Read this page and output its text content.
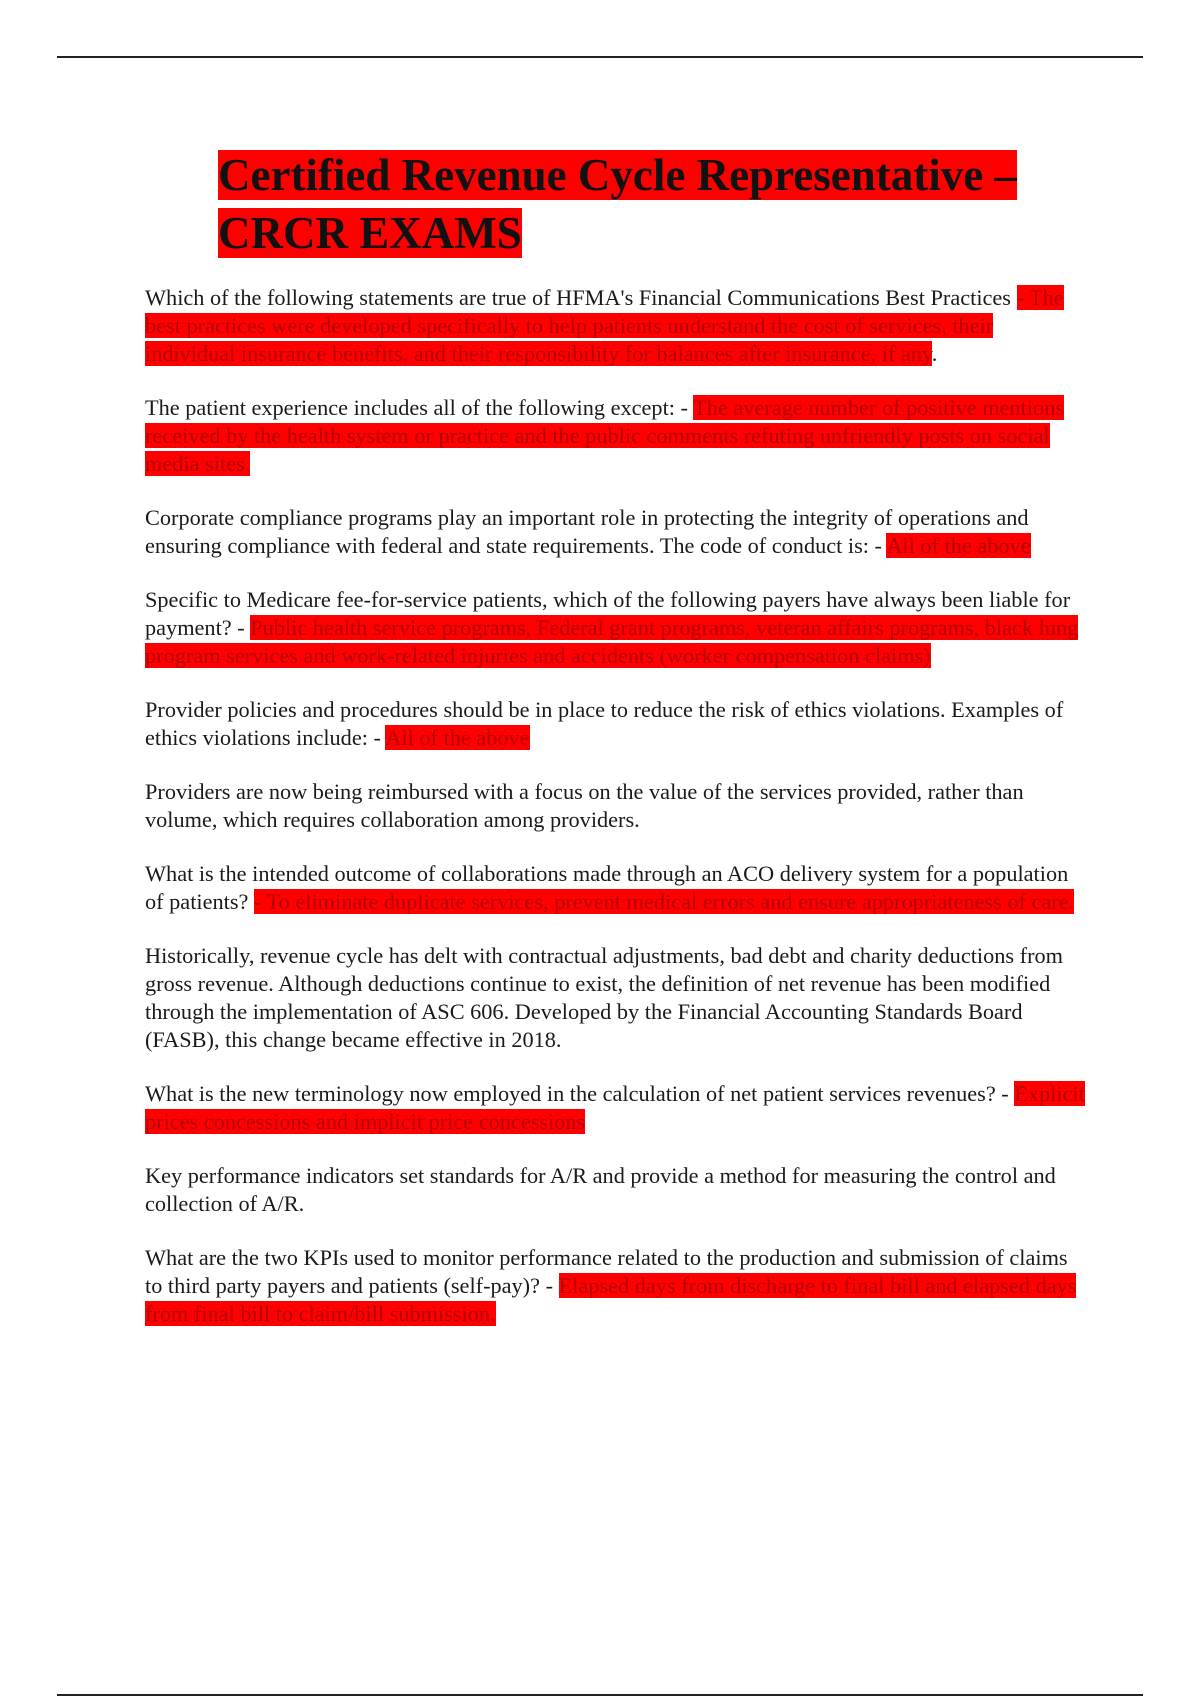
Certified Revenue Cycle Representative –
CRCR EXAMS

Which of the following statements are true of HFMA's Financial Communications Best Practices - The best practices were developed specifically to help patients understand the cost of services, their individual insurance benefits, and their responsibility for balances after insurance, if any.

The patient experience includes all of the following except: - The average number of positive mentions received by the health system or practice and the public comments refuting unfriendly posts on social media sites.

Corporate compliance programs play an important role in protecting the integrity of operations and ensuring compliance with federal and state requirements. The code of conduct is: - All of the above

Specific to Medicare fee-for-service patients, which of the following payers have always been liable for payment? - Public health service programs, Federal grant programs, veteran affairs programs, black lung program services and work-related injuries and accidents (worker compensation claims)

Provider policies and procedures should be in place to reduce the risk of ethics violations. Examples of ethics violations include: - All of the above

Providers are now being reimbursed with a focus on the value of the services provided, rather than volume, which requires collaboration among providers.

What is the intended outcome of collaborations made through an ACO delivery system for a population of patients? - To eliminate duplicate services, prevent medical errors and ensure appropriateness of care.

Historically, revenue cycle has delt with contractual adjustments, bad debt and charity deductions from gross revenue. Although deductions continue to exist, the definition of net revenue has been modified through the implementation of ASC 606. Developed by the Financial Accounting Standards Board (FASB), this change became effective in 2018.

What is the new terminology now employed in the calculation of net patient services revenues? - Explicit prices concessions and implicit price concessions

Key performance indicators set standards for A/R and provide a method for measuring the control and collection of A/R.

What are the two KPIs used to monitor performance related to the production and submission of claims to third party payers and patients (self-pay)? - Elapsed days from discharge to final bill and elapsed days from final bill to claim/bill submission.
